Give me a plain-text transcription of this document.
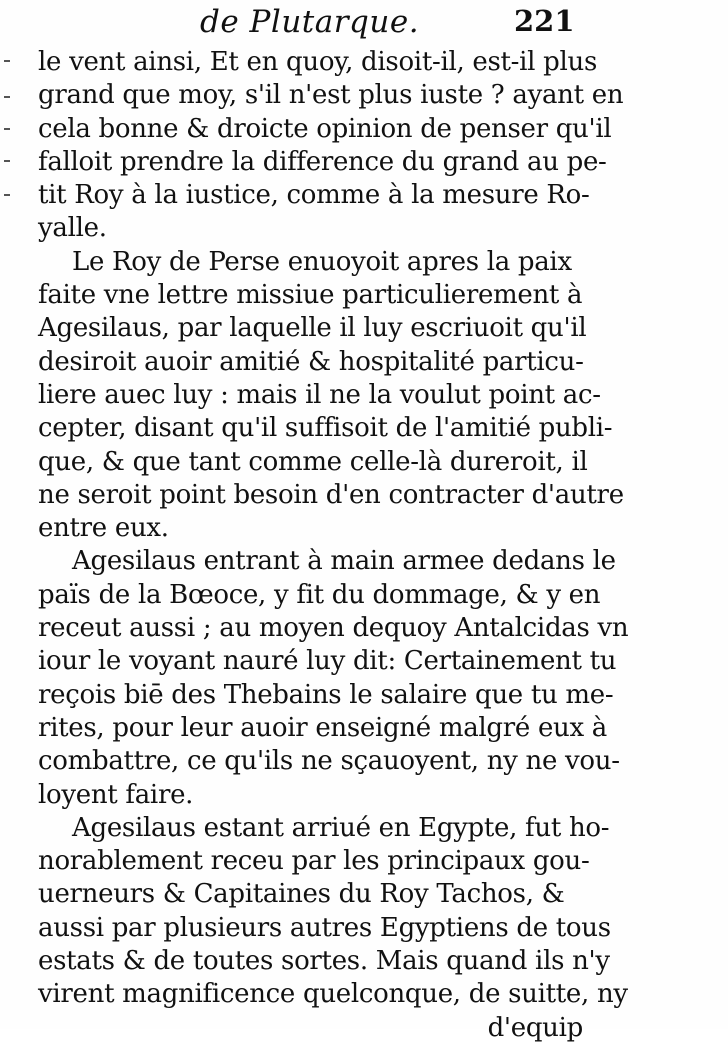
de Plutarque.	221
le vent ainsi, Et en quoy, disoit-il, est-il plus
grand que moy, s'il n'est plus iuste ? ayant en
cela bonne & droicte opinion de penser qu'il
falloit prendre la difference du grand au pe-
tit Roy à la iustice, comme à la mesure Ro-
yalle.
Le Roy de Perse enuoyoit apres la paix
faite vne lettre missiue particulierement à
Agesilaus, par laquelle il luy escriuoit qu'il
desiroit auoir amitié & hospitalité particu-
liere auec luy : mais il ne la voulut point ac-
cepter, disant qu'il suffisoit de l'amitié publi-
que, & que tant comme celle-là dureroit, il
ne seroit point besoin d'en contracter d'autre
entre eux.
Agesilaus entrant à main armee dedans le
païs de la Bœoce, y fit du dommage, & y en
receut aussi ; au moyen dequoy Antalcidas vn
iour le voyant nauré luy dit: Certainement tu
reçois biē des Thebains le salaire que tu me-
rites, pour leur auoir enseigné malgré eux à
combattre, ce qu'ils ne sçauoyent, ny ne vou-
loyent faire.
Agesilaus estant arriué en Egypte, fut ho-
norablement receu par les principaux gou-
uerneurs & Capitaines du Roy Tachos, &
aussi par plusieurs autres Egyptiens de tous
estats & de toutes sortes. Mais quand ils n'y
virent magnificence quelconque, de suitte, ny
d'equip
